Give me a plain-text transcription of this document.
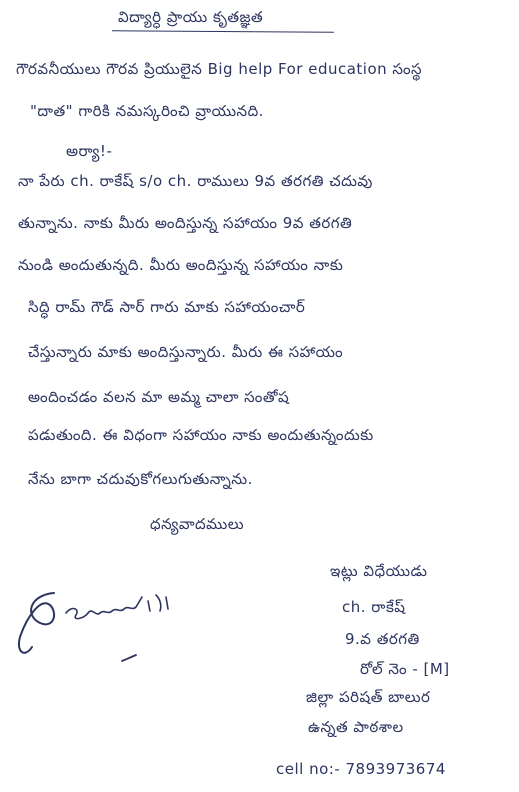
విద్యార్ధి ప్రాయు కృతజ్ఞత
గౌరవనీయులు గౌరవ ప్రియులైన Big help For education సంస్థ
"దాత" గారికి నమస్కరించి వ్రాయునది.
అర్యా!-
నా పేరు ch. రాకేష్ s/o ch. రాములు 9వ తరగతి చదువు
తున్నాను. నాకు మీరు అందిస్తున్న సహాయం 9వ తరగతి
నుండి అందుతున్నది. మీరు అందిస్తున్న సహాయం నాకు
సిద్ధి రామ్ గౌడ్ సార్ గారు మాకు సహాయంచార్
చేస్తున్నారు మాకు అందిస్తున్నారు. మీరు ఈ సహాయం
అందించడం వలన మా అమ్మ చాలా సంతోష
పడుతుంది. ఈ విధంగా సహాయం నాకు అందుతున్నందుకు
నేను బాగా చదువుకోగలుగుతున్నాను.
ధన్యవాదములు
ఇట్లు విధేయుడు
ch. రాకేష్
9.వ తరగతి
రోల్ నెం - [M]
జిల్లా పరిషత్ బాలుర
ఉన్నత పాఠశాల
cell no:- 7893973674
